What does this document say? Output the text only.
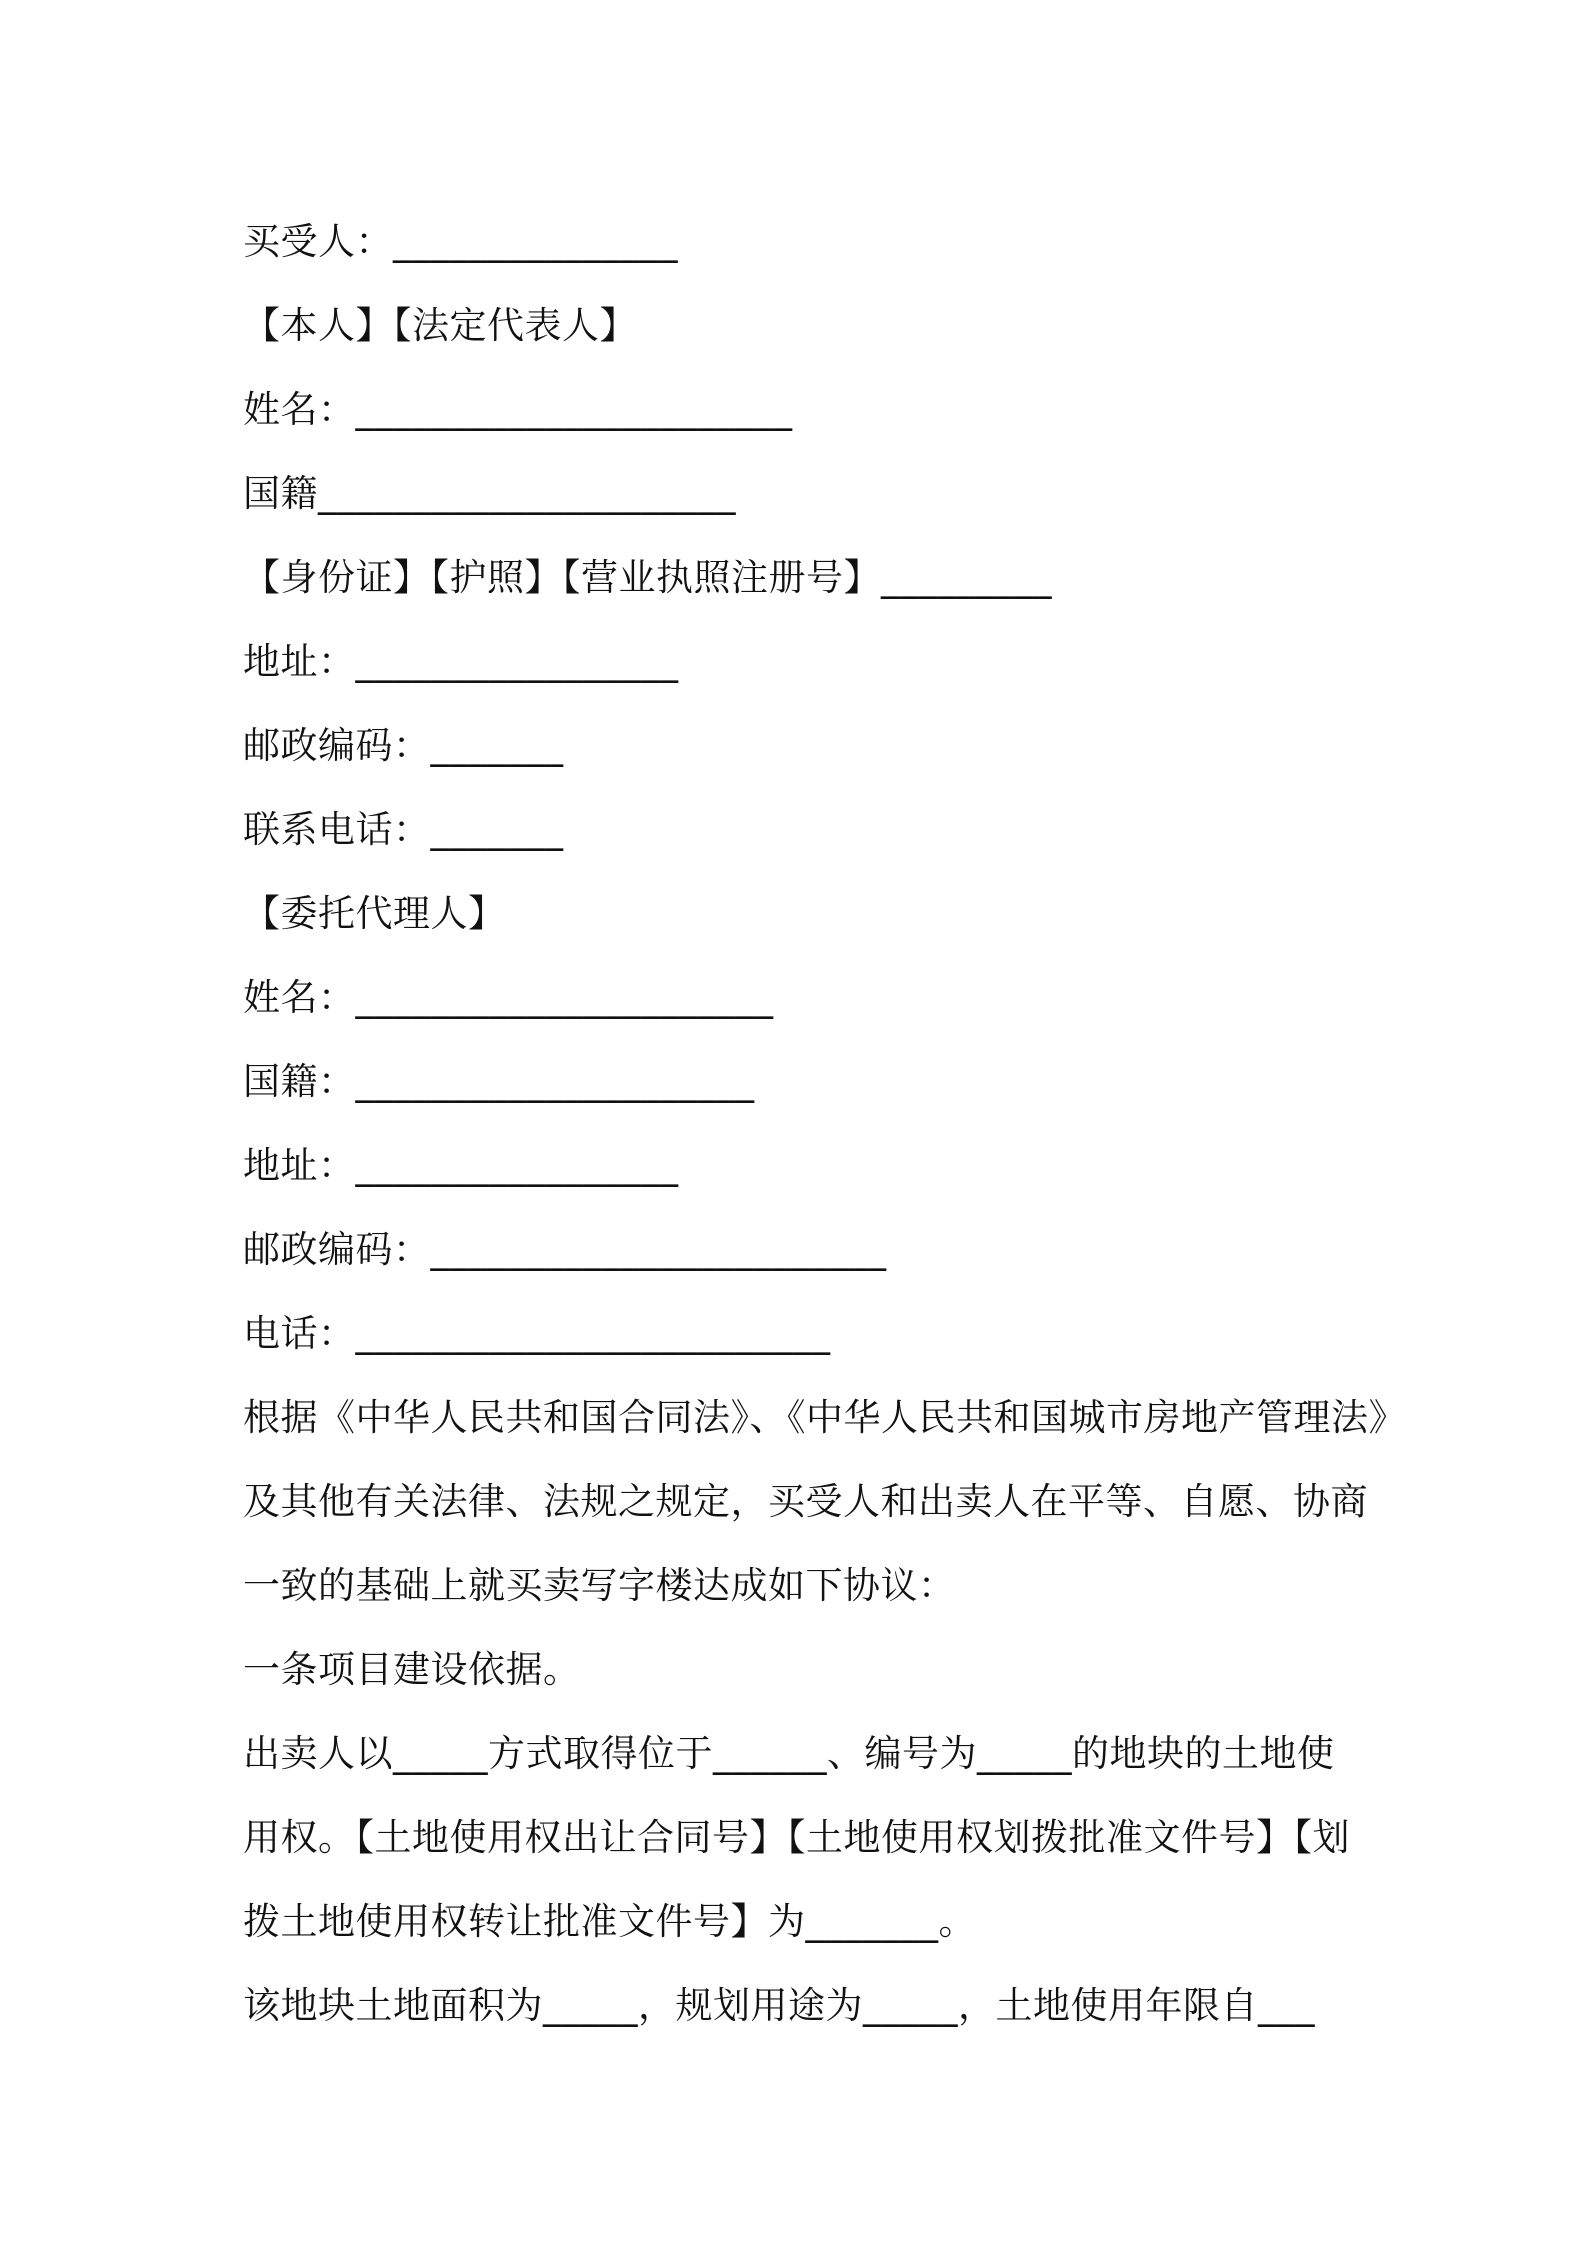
买受人：_______________
【本人】【法定代表人】
姓名：_______________________
国籍______________________
【身份证】【护照】【营业执照注册号】_________
地址：_________________
邮政编码：_______
联系电话：_______
【委托代理人】
姓名：______________________
国籍：_____________________
地址：_________________
邮政编码：________________________
电话：_________________________
根据《中华人民共和国合同法》、《中华人民共和国城市房地产管理法》
及其他有关法律、法规之规定，买受人和出卖人在平等、自愿、协商
一致的基础上就买卖写字楼达成如下协议：
一条项目建设依据。
出卖人以_____方式取得位于______、编号为_____的地块的土地使
用权。【土地使用权出让合同号】【土地使用权划拨批准文件号】【划
拨土地使用权转让批准文件号】为_______。
该地块土地面积为_____，规划用途为_____，土地使用年限自___
